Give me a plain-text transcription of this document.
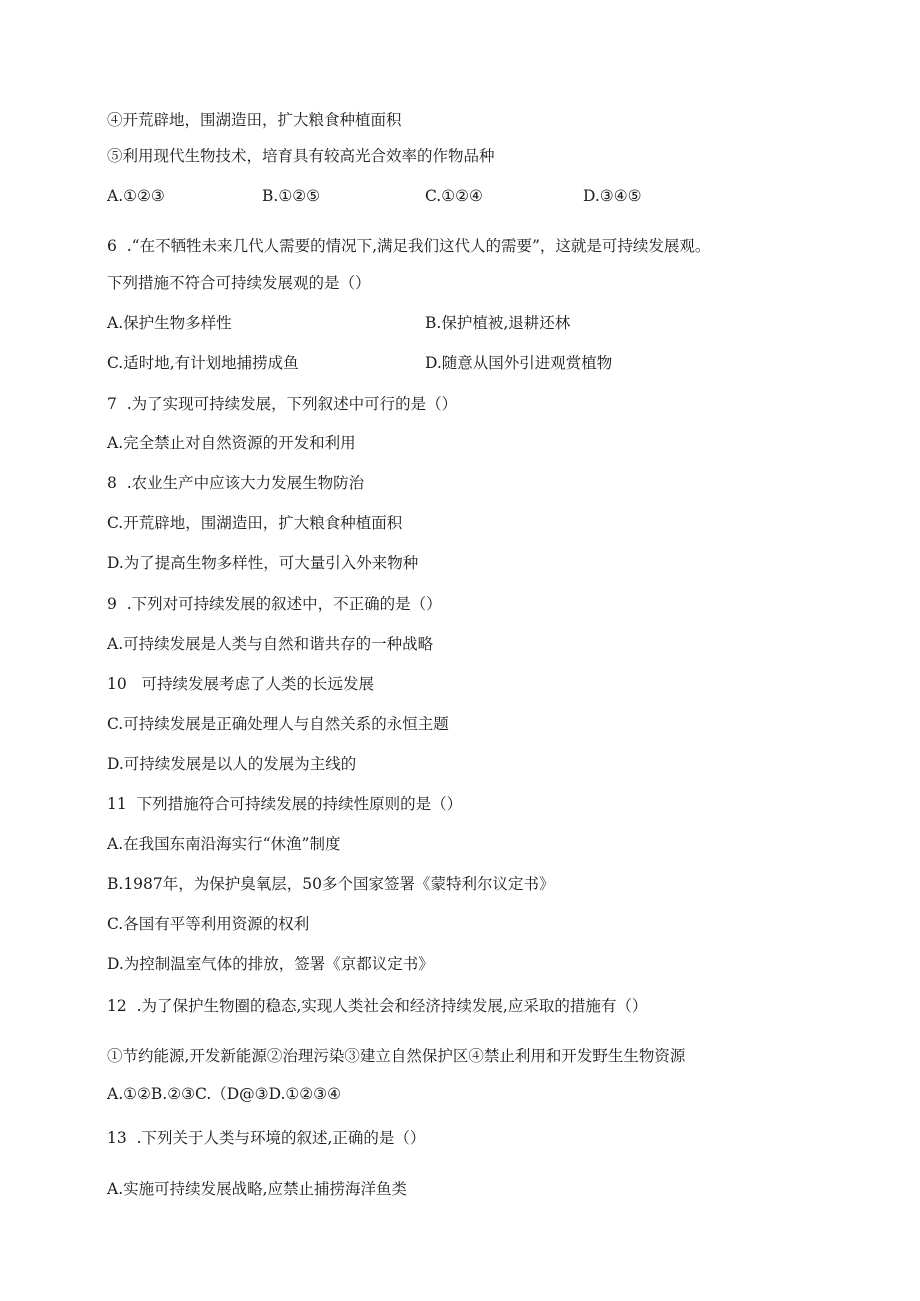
④开荒辟地，围湖造田，扩大粮食种植面积
⑤利用现代生物技术，培育具有较高光合效率的作物品种
A.①②③	B.①②⑤	C.①②④	D.③④⑤
6  .“在不牺牲未来几代人需要的情况下,满足我们这代人的需要”，这就是可持续发展观。
下列措施不符合可持续发展观的是（）
A.保护生物多样性	B.保护植被,退耕还林
C.适时地,有计划地捕捞成鱼	D.随意从国外引进观赏植物
7  .为了实现可持续发展，下列叙述中可行的是（）
A.完全禁止对自然资源的开发和利用
8  .农业生产中应该大力发展生物防治
C.开荒辟地，围湖造田，扩大粮食种植面积
D.为了提高生物多样性，可大量引入外来物种
9  .下列对可持续发展的叙述中，不正确的是（）
A.可持续发展是人类与自然和谐共存的一种战略
10   可持续发展考虑了人类的长远发展
C.可持续发展是正确处理人与自然关系的永恒主题
D.可持续发展是以人的发展为主线的
11  下列措施符合可持续发展的持续性原则的是（）
A.在我国东南沿海实行“休渔”制度
B.1987年，为保护臭氧层，50多个国家签署《蒙特利尔议定书》
C.各国有平等利用资源的权利
D.为控制温室气体的排放，签署《京都议定书》
12  .为了保护生物圈的稳态,实现人类社会和经济持续发展,应采取的措施有（）
①节约能源,开发新能源②治理污染③建立自然保护区④禁止利用和开发野生生物资源
A.①②B.②③C.（D@③D.①②③④
13  .下列关于人类与环境的叙述,正确的是（）
A.实施可持续发展战略,应禁止捕捞海洋鱼类
